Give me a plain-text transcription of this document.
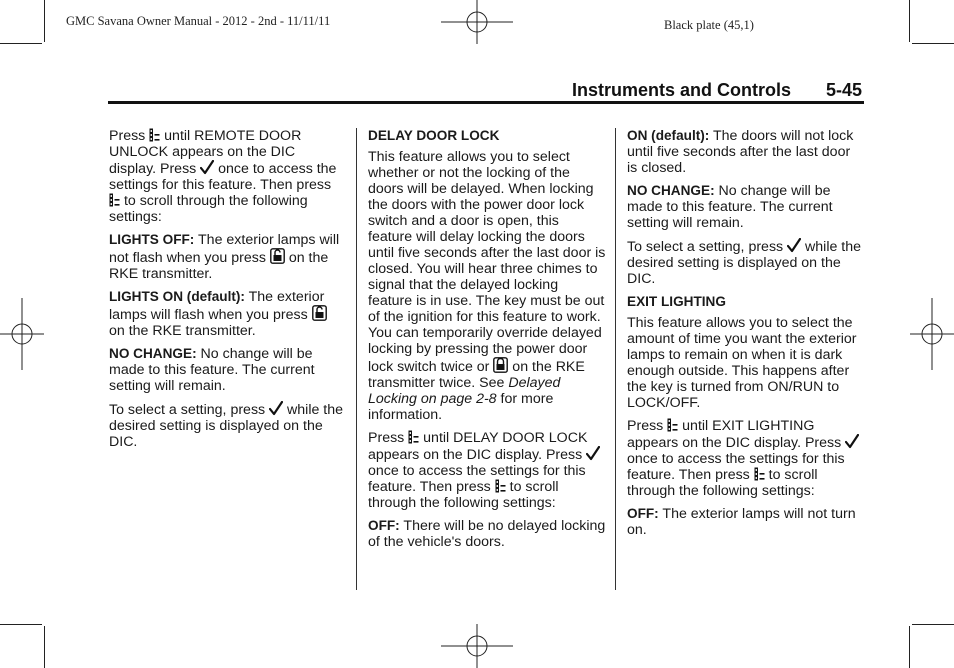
GMC Savana Owner Manual - 2012 - 2nd - 11/11/11	Black plate (45,1)
Instruments and Controls 5-45

Press
until REMOTE DOOR UNLOCK appears on the DIC display. Press
once to access the settings for this feature. Then press
to scroll through the following settings:

LIGHTS OFF: The exterior lamps will not flash when you press
on the RKE transmitter.

LIGHTS ON (default): The exterior lamps will flash when you press
on the RKE transmitter.

NO CHANGE: No change will be made to this feature. The current setting will remain.

To select a setting, press
while the desired setting is displayed on the DIC.

DELAY DOOR LOCK

This feature allows you to select whether or not the locking of the doors will be delayed. When locking the doors with the power door lock switch and a door is open, this feature will delay locking the doors until five seconds after the last door is closed. You will hear three chimes to signal that the delayed locking feature is in use. The key must be out of the ignition for this feature to work. You can temporarily override delayed locking by pressing the power door lock switch twice or
on the RKE transmitter twice. See Delayed Locking on page 2-8 for more information.

Press
until DELAY DOOR LOCK appears on the DIC display. Press
once to access the settings for this feature. Then press
to scroll through the following settings:

OFF: There will be no delayed locking of the vehicle's doors.

ON (default): The doors will not lock until five seconds after the last door is closed.

NO CHANGE: No change will be made to this feature. The current setting will remain.

To select a setting, press
while the desired setting is displayed on the DIC.

EXIT LIGHTING

This feature allows you to select the amount of time you want the exterior lamps to remain on when it is dark enough outside. This happens after the key is turned from ON/RUN to LOCK/OFF.

Press
until EXIT LIGHTING appears on the DIC display. Press
once to access the settings for this feature. Then press
to scroll through the following settings:

OFF: The exterior lamps will not turn on.
